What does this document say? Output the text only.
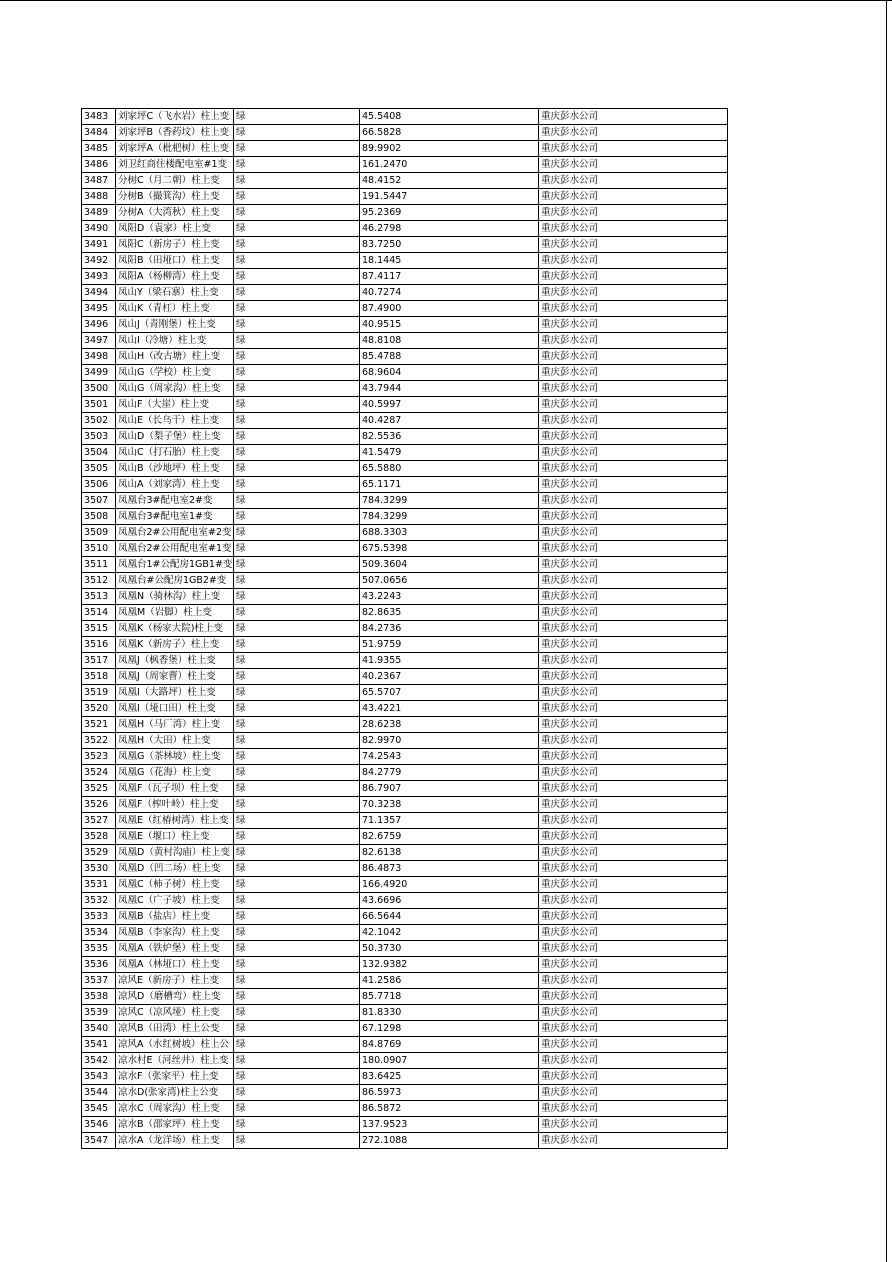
3483	刘家坪C（飞水岩）柱上变	绿	45.5408	重庆彭水公司
3484	刘家坪B（香药坟）柱上变	绿	66.5828	重庆彭水公司
3485	刘家坪A（枇杷树）柱上变	绿	89.9902	重庆彭水公司
3486	刘卫红商住楼配电室#1变	绿	161.2470	重庆彭水公司
3487	分树C（月二朝）柱上变	绿	48.4152	重庆彭水公司
3488	分树B（撮箕沟）柱上变	绿	191.5447	重庆彭水公司
3489	分树A（大湾秋）柱上变	绿	95.2369	重庆彭水公司
3490	凤阳D（袁家）柱上变	绿	46.2798	重庆彭水公司
3491	凤阳C（新房子）柱上变	绿	83.7250	重庆彭水公司
3492	凤阳B（田垭口）柱上变	绿	18.1445	重庆彭水公司
3493	凤阳A（杨柳湾）柱上变	绿	87.4117	重庆彭水公司
3494	凤山Y（梁石寨）柱上变	绿	40.7274	重庆彭水公司
3495	凤山K（青杠）柱上变	绿	87.4900	重庆彭水公司
3496	凤山J（青刚堡）柱上变	绿	40.9515	重庆彭水公司
3497	凤山I（冷塘）柱上变	绿	48.8108	重庆彭水公司
3498	凤山H（改古塘）柱上变	绿	85.4788	重庆彭水公司
3499	凤山G（学校）柱上变	绿	68.9604	重庆彭水公司
3500	凤山G（周家沟）柱上变	绿	43.7944	重庆彭水公司
3501	凤山F（大崖）柱上变	绿	40.5997	重庆彭水公司
3502	凤山E（长乌干）柱上变	绿	40.4287	重庆彭水公司
3503	凤山D（梨子堡）柱上变	绿	82.5536	重庆彭水公司
3504	凤山C（打石胎）柱上变	绿	41.5479	重庆彭水公司
3505	凤山B（沙地坪）柱上变	绿	65.5880	重庆彭水公司
3506	凤山A（刘家湾）柱上变	绿	65.1171	重庆彭水公司
3507	凤凰台3#配电室2#变	绿	784.3299	重庆彭水公司
3508	凤凰台3#配电室1#变	绿	784.3299	重庆彭水公司
3509	凤凰台2#公用配电室#2变	绿	688.3303	重庆彭水公司
3510	凤凰台2#公用配电室#1变	绿	675.5398	重庆彭水公司
3511	凤凰台1#公配房1GB1#变	绿	509.3604	重庆彭水公司
3512	凤凰台#公配房1GB2#变	绿	507.0656	重庆彭水公司
3513	凤凰N（骑林沟）柱上变	绿	43.2243	重庆彭水公司
3514	凤凰M（岩脚）柱上变	绿	82.8635	重庆彭水公司
3515	凤凰K（杨家大院)柱上变	绿	84.2736	重庆彭水公司
3516	凤凰K（新房子）柱上变	绿	51.9759	重庆彭水公司
3517	凤凰J（枫香堡）柱上变	绿	41.9355	重庆彭水公司
3518	凤凰J（周家曹）柱上变	绿	40.2367	重庆彭水公司
3519	凤凰I（大路坪）柱上变	绿	65.5707	重庆彭水公司
3520	凤凰I（垭口田）柱上变	绿	43.4221	重庆彭水公司
3521	凤凰H（马厂湾）柱上变	绿	28.6238	重庆彭水公司
3522	凤凰H（大田）柱上变	绿	82.9970	重庆彭水公司
3523	凤凰G（茶林坡）柱上变	绿	74.2543	重庆彭水公司
3524	凤凰G（花海）柱上变	绿	84.2779	重庆彭水公司
3525	凤凰F（瓦子坝）柱上变	绿	86.7907	重庆彭水公司
3526	凤凰F（榨叶岭）柱上变	绿	70.3238	重庆彭水公司
3527	凤凰E（红椿树湾）柱上变	绿	71.1357	重庆彭水公司
3528	凤凰E（堰口）柱上变	绿	82.6759	重庆彭水公司
3529	凤凰D（黄村沟庙）柱上变	绿	82.6138	重庆彭水公司
3530	凤凰D（凹二场）柱上变	绿	86.4873	重庆彭水公司
3531	凤凰C（柿子树）柱上变	绿	166.4920	重庆彭水公司
3532	凤凰C（广子坡）柱上变	绿	43.6696	重庆彭水公司
3533	凤凰B（盐店）柱上变	绿	66.5644	重庆彭水公司
3534	凤凰B（李家沟）柱上变	绿	42.1042	重庆彭水公司
3535	凤凰A（铁炉堡）柱上变	绿	50.3730	重庆彭水公司
3536	凤凰A（林垭口）柱上变	绿	132.9382	重庆彭水公司
3537	凉风E（新房子）柱上变	绿	41.2586	重庆彭水公司
3538	凉风D（磨槽弯）柱上变	绿	85.7718	重庆彭水公司
3539	凉风C（凉风垭）柱上变	绿	81.8330	重庆彭水公司
3540	凉风B（田湾）柱上公变	绿	67.1298	重庆彭水公司
3541	凉风A（水红树坡）柱上公	绿	84.8769	重庆彭水公司
3542	凉水村E（河丝井）柱上变	绿	180.0907	重庆彭水公司
3543	凉水F（张家平）柱上变	绿	83.6425	重庆彭水公司
3544	凉水D(张家湾)柱上公变	绿	86.5973	重庆彭水公司
3545	凉水C（周家沟）柱上变	绿	86.5872	重庆彭水公司
3546	凉水B（邵家坪）柱上变	绿	137.9523	重庆彭水公司
3547	凉水A（龙洋场）柱上变	绿	272.1088	重庆彭水公司
